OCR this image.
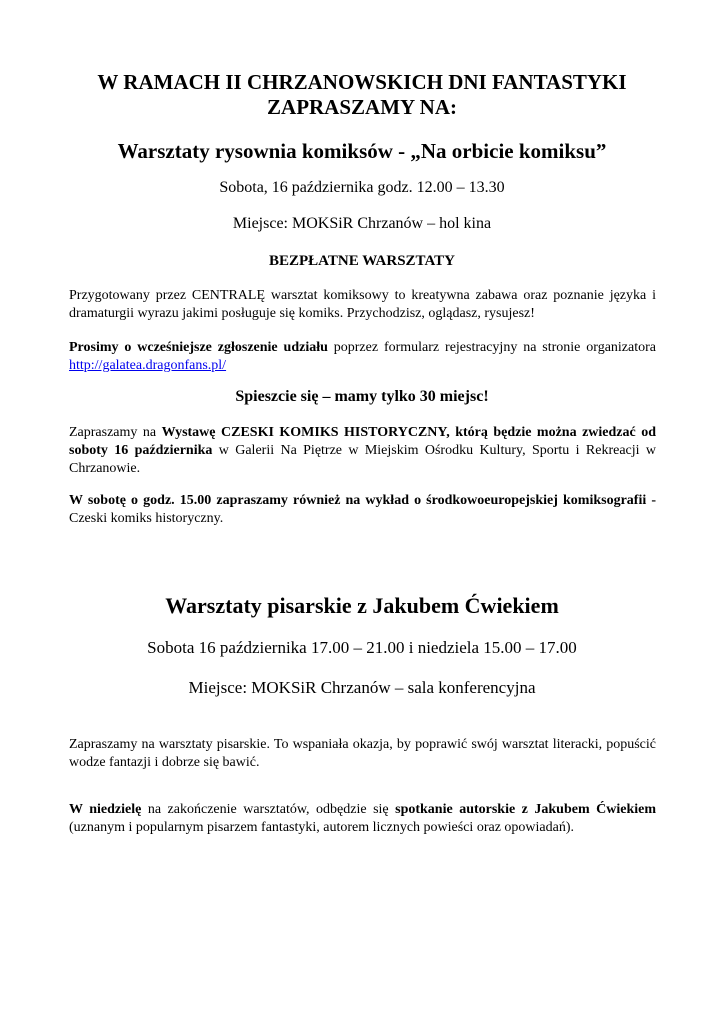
W RAMACH II CHRZANOWSKICH DNI FANTASTYKI
ZAPRASZAMY NA:
Warsztaty rysownia komiksów - „Na orbicie komiksu”
Sobota, 16 października godz. 12.00 – 13.30
Miejsce: MOKSiR Chrzanów – hol kina
BEZPŁATNE WARSZTATY
Przygotowany przez CENTRALĘ warsztat komiksowy to kreatywna zabawa oraz poznanie języka i dramaturgii wyrazu jakimi posługuje się komiks. Przychodzisz, oglądasz, rysujesz!
Prosimy o wcześniejsze zgłoszenie udziału poprzez formularz rejestracyjny na stronie organizatora http://galatea.dragonfans.pl/
Spieszcie się – mamy tylko 30 miejsc!
Zapraszamy na Wystawę CZESKI KOMIKS HISTORYCZNY, którą będzie można zwiedzać od soboty 16 października w Galerii Na Piętrze w Miejskim Ośrodku Kultury, Sportu i Rekreacji w Chrzanowie.
W sobotę o godz. 15.00 zapraszamy również na wykład o środkowoeuropejskiej komiksografii - Czeski komiks historyczny.
Warsztaty pisarskie z Jakubem Ćwiekiem
Sobota 16 października 17.00 – 21.00 i niedziela 15.00 – 17.00
Miejsce: MOKSiR Chrzanów – sala konferencyjna
Zapraszamy na warsztaty pisarskie. To wspaniała okazja, by poprawić swój warsztat literacki, popuścić wodze fantazji i dobrze się bawić.
W niedzielę na zakończenie warsztatów, odbędzie się spotkanie autorskie z Jakubem Ćwiekiem (uznanym i popularnym pisarzem fantastyki, autorem licznych powieści oraz opowiadań).
